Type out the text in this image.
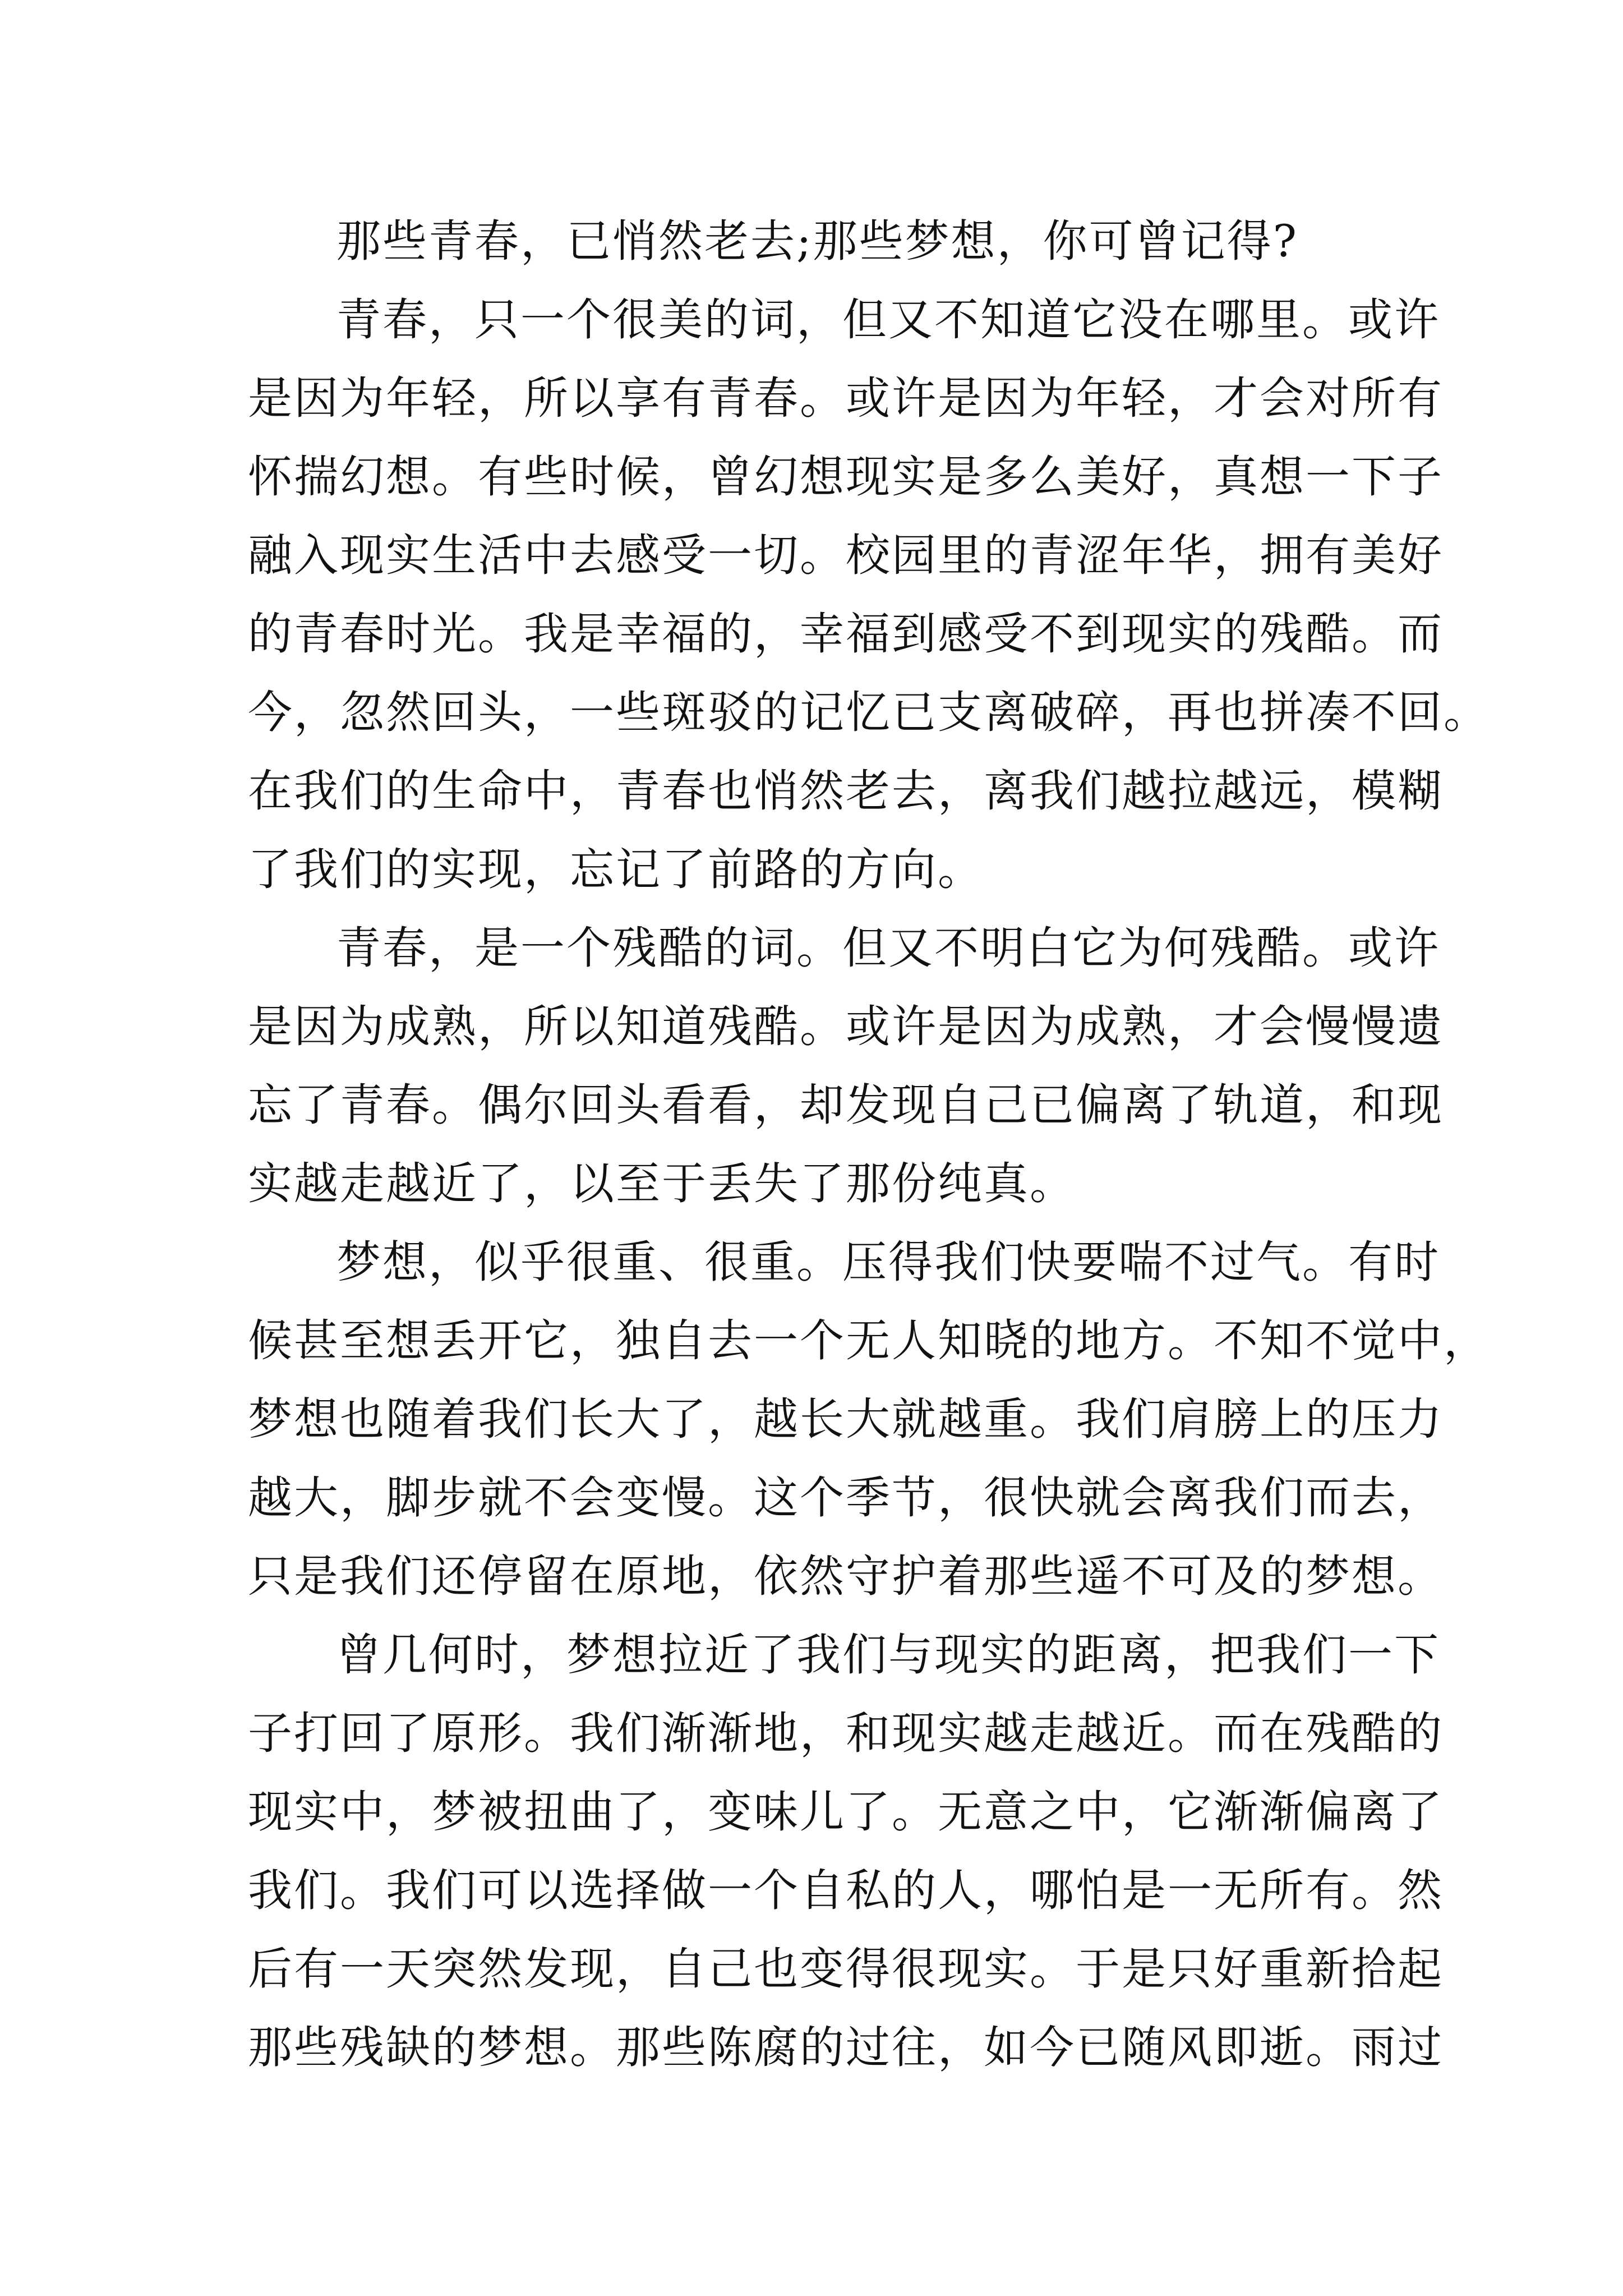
那些青春，已悄然老去;那些梦想，你可曾记得?
青春，只一个很美的词，但又不知道它没在哪里。或许
是因为年轻，所以享有青春。或许是因为年轻，才会对所有
怀揣幻想。有些时候，曾幻想现实是多么美好，真想一下子
融入现实生活中去感受一切。校园里的青涩年华，拥有美好
的青春时光。我是幸福的，幸福到感受不到现实的残酷。而
今，忽然回头，一些斑驳的记忆已支离破碎，再也拼凑不回。
在我们的生命中，青春也悄然老去，离我们越拉越远，模糊
了我们的实现，忘记了前路的方向。
青春，是一个残酷的词。但又不明白它为何残酷。或许
是因为成熟，所以知道残酷。或许是因为成熟，才会慢慢遗
忘了青春。偶尔回头看看，却发现自己已偏离了轨道，和现
实越走越近了，以至于丢失了那份纯真。
梦想，似乎很重、很重。压得我们快要喘不过气。有时
候甚至想丢开它，独自去一个无人知晓的地方。不知不觉中，
梦想也随着我们长大了，越长大就越重。我们肩膀上的压力
越大，脚步就不会变慢。这个季节，很快就会离我们而去，
只是我们还停留在原地，依然守护着那些遥不可及的梦想。
曾几何时，梦想拉近了我们与现实的距离，把我们一下
子打回了原形。我们渐渐地，和现实越走越近。而在残酷的
现实中，梦被扭曲了，变味儿了。无意之中，它渐渐偏离了
我们。我们可以选择做一个自私的人，哪怕是一无所有。然
后有一天突然发现，自己也变得很现实。于是只好重新拾起
那些残缺的梦想。那些陈腐的过往，如今已随风即逝。雨过
